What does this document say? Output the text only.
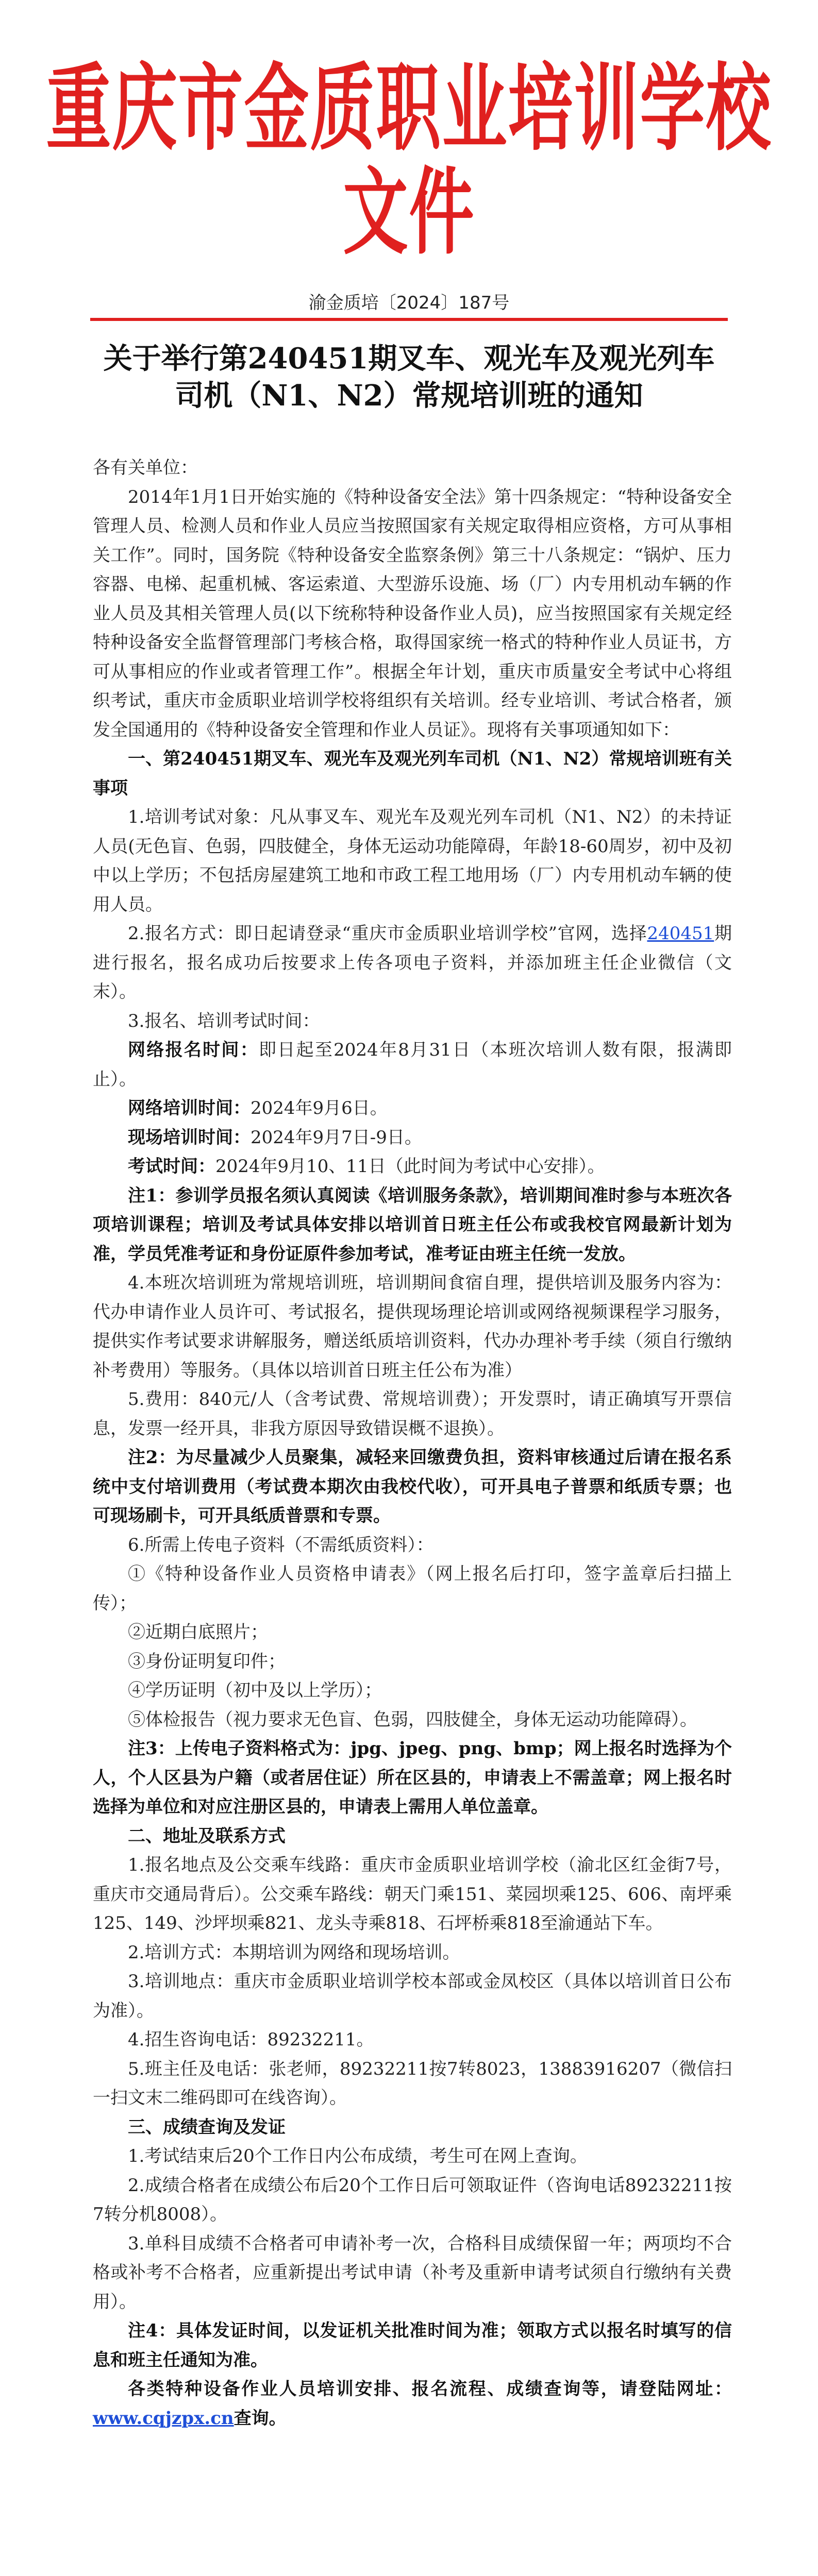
重庆市金质职业培训学校文件
渝金质培〔2024〕187号
关于举行第240451期叉车、观光车及观光列车
司机（N1、N2）常规培训班的通知

各有关单位：

2014年1月1日开始实施的《特种设备安全法》第十四条规定：“特种设备安全管理人员、检测人员和作业人员应当按照国家有关规定取得相应资格，方可从事相关工作”。同时，国务院《特种设备安全监察条例》第三十八条规定：“锅炉、压力容器、电梯、起重机械、客运索道、大型游乐设施、场（厂）内专用机动车辆的作业人员及其相关管理人员(以下统称特种设备作业人员)，应当按照国家有关规定经特种设备安全监督管理部门考核合格，取得国家统一格式的特种作业人员证书，方可从事相应的作业或者管理工作”。根据全年计划，重庆市质量安全考试中心将组织考试，重庆市金质职业培训学校将组织有关培训。经专业培训、考试合格者，颁发全国通用的《特种设备安全管理和作业人员证》。现将有关事项通知如下：

一、第240451期叉车、观光车及观光列车司机（N1、N2）常规培训班有关事项

1.培训考试对象：凡从事叉车、观光车及观光列车司机（N1、N2）的未持证人员(无色盲、色弱，四肢健全，身体无运动功能障碍，年龄18-60周岁，初中及初中以上学历；不包括房屋建筑工地和市政工程工地用场（厂）内专用机动车辆的使用人员。

2.报名方式：即日起请登录“重庆市金质职业培训学校”官网，选择240451期进行报名，报名成功后按要求上传各项电子资料，并添加班主任企业微信（文末）。

3.报名、培训考试时间：

网络报名时间：即日起至2024年8月31日（本班次培训人数有限，报满即止）。

网络培训时间：2024年9月6日。

现场培训时间：2024年9月7日-9日。

考试时间：2024年9月10、11日（此时间为考试中心安排）。

注1：参训学员报名须认真阅读《培训服务条款》，培训期间准时参与本班次各项培训课程；培训及考试具体安排以培训首日班主任公布或我校官网最新计划为准，学员凭准考证和身份证原件参加考试，准考证由班主任统一发放。

4.本班次培训班为常规培训班，培训期间食宿自理，提供培训及服务内容为：代办申请作业人员许可、考试报名，提供现场理论培训或网络视频课程学习服务，提供实作考试要求讲解服务，赠送纸质培训资料，代办办理补考手续（须自行缴纳补考费用）等服务。（具体以培训首日班主任公布为准）

5.费用：840元/人（含考试费、常规培训费）；开发票时，请正确填写开票信息，发票一经开具，非我方原因导致错误概不退换）。

注2：为尽量减少人员聚集，减轻来回缴费负担，资料审核通过后请在报名系统中支付培训费用（考试费本期次由我校代收），可开具电子普票和纸质专票；也可现场刷卡，可开具纸质普票和专票。

6.所需上传电子资料（不需纸质资料）：

①《特种设备作业人员资格申请表》（网上报名后打印，签字盖章后扫描上传）；

②近期白底照片；

③身份证明复印件；

④学历证明（初中及以上学历）；

⑤体检报告（视力要求无色盲、色弱，四肢健全，身体无运动功能障碍）。

注3：上传电子资料格式为：jpg、jpeg、png、bmp；网上报名时选择为个人，个人区县为户籍（或者居住证）所在区县的，申请表上不需盖章；网上报名时选择为单位和对应注册区县的，申请表上需用人单位盖章。

二、地址及联系方式

1.报名地点及公交乘车线路：重庆市金质职业培训学校（渝北区红金街7号，重庆市交通局背后）。公交乘车路线：朝天门乘151、菜园坝乘125、606、南坪乘125、149、沙坪坝乘821、龙头寺乘818、石坪桥乘818至渝通站下车。

2.培训方式：本期培训为网络和现场培训。

3.培训地点：重庆市金质职业培训学校本部或金凤校区（具体以培训首日公布为准）。

4.招生咨询电话：89232211。

5.班主任及电话：张老师，89232211按7转8023，13883916207（微信扫一扫文末二维码即可在线咨询）。

三、成绩查询及发证

1.考试结束后20个工作日内公布成绩，考生可在网上查询。

2.成绩合格者在成绩公布后20个工作日后可领取证件（咨询电话89232211按7转分机8008）。

3.单科目成绩不合格者可申请补考一次，合格科目成绩保留一年；两项均不合格或补考不合格者，应重新提出考试申请（补考及重新申请考试须自行缴纳有关费用）。

注4：具体发证时间，以发证机关批准时间为准；领取方式以报名时填写的信息和班主任通知为准。

各类特种设备作业人员培训安排、报名流程、成绩查询等，请登陆网址：www.cqjzpx.cn查询。
